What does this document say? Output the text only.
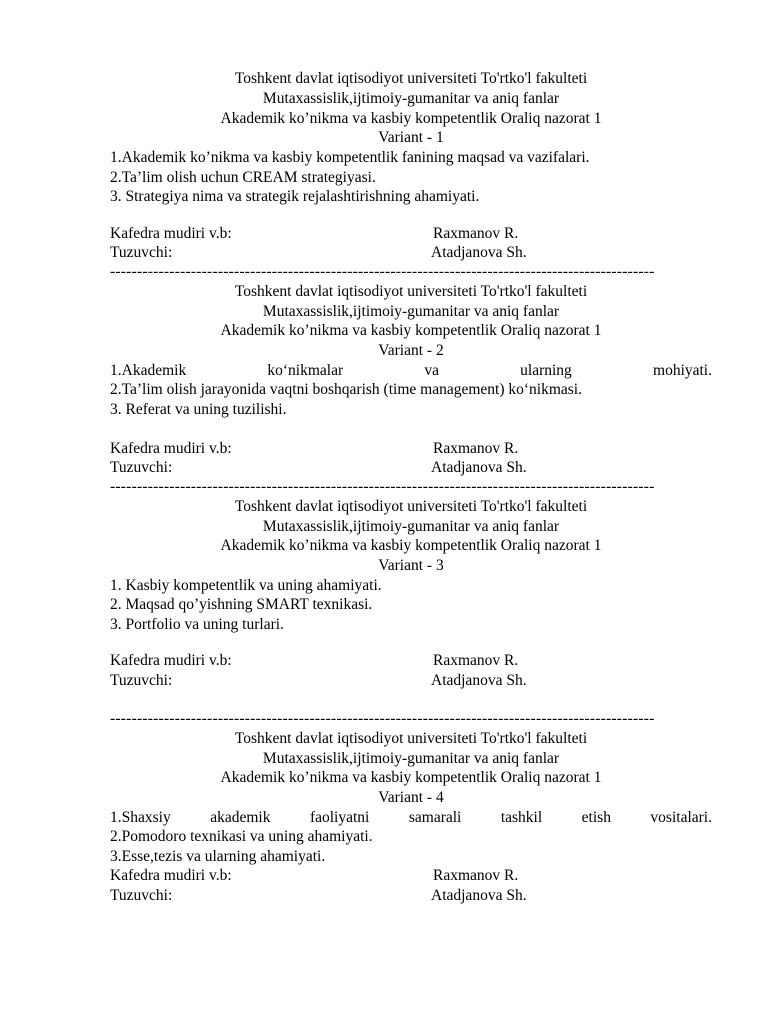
Toshkent davlat iqtisodiyot universiteti To'rtko'l fakulteti
Mutaxassislik,ijtimoiy-gumanitar va aniq fanlar
Akademik ko’nikma va kasbiy kompetentlik Oraliq nazorat 1
Variant - 1
1.Akademik ko’nikma va kasbiy kompetentlik fanining maqsad va vazifalari.
2.Ta’lim olish uchun CREAM strategiyasi.
3. Strategiya nima va strategik rejalashtirishning ahamiyati.
Kafedra mudiri v.b:	Raxmanov R.
Tuzuvchi:	Atadjanova Sh.
-----------------------------------------------------------------------------------------------------
Toshkent davlat iqtisodiyot universiteti To'rtko'l fakulteti
Mutaxassislik,ijtimoiy-gumanitar va aniq fanlar
Akademik ko’nikma va kasbiy kompetentlik Oraliq nazorat 1
Variant - 2
1.Akademik ko‘nikmalar va ularning mohiyati.
2.Ta’lim olish jarayonida vaqtni boshqarish (time management) ko‘nikmasi.
3. Referat va uning tuzilishi.
Kafedra mudiri v.b:	Raxmanov R.
Tuzuvchi:	Atadjanova Sh.
-----------------------------------------------------------------------------------------------------
Toshkent davlat iqtisodiyot universiteti To'rtko'l fakulteti
Mutaxassislik,ijtimoiy-gumanitar va aniq fanlar
Akademik ko’nikma va kasbiy kompetentlik Oraliq nazorat 1
Variant - 3
1. Kasbiy kompetentlik va uning ahamiyati.
2. Maqsad qo’yishning SMART texnikasi.
3. Portfolio va uning turlari.
Kafedra mudiri v.b:	Raxmanov R.
Tuzuvchi:	Atadjanova Sh.
-----------------------------------------------------------------------------------------------------
Toshkent davlat iqtisodiyot universiteti To'rtko'l fakulteti
Mutaxassislik,ijtimoiy-gumanitar va aniq fanlar
Akademik ko’nikma va kasbiy kompetentlik Oraliq nazorat 1
Variant - 4
1.Shaxsiy akademik faoliyatni samarali tashkil etish vositalari.
2.Pomodoro texnikasi va uning ahamiyati.
3.Esse,tezis va ularning ahamiyati.
Kafedra mudiri v.b:	Raxmanov R.
Tuzuvchi:	Atadjanova Sh.
